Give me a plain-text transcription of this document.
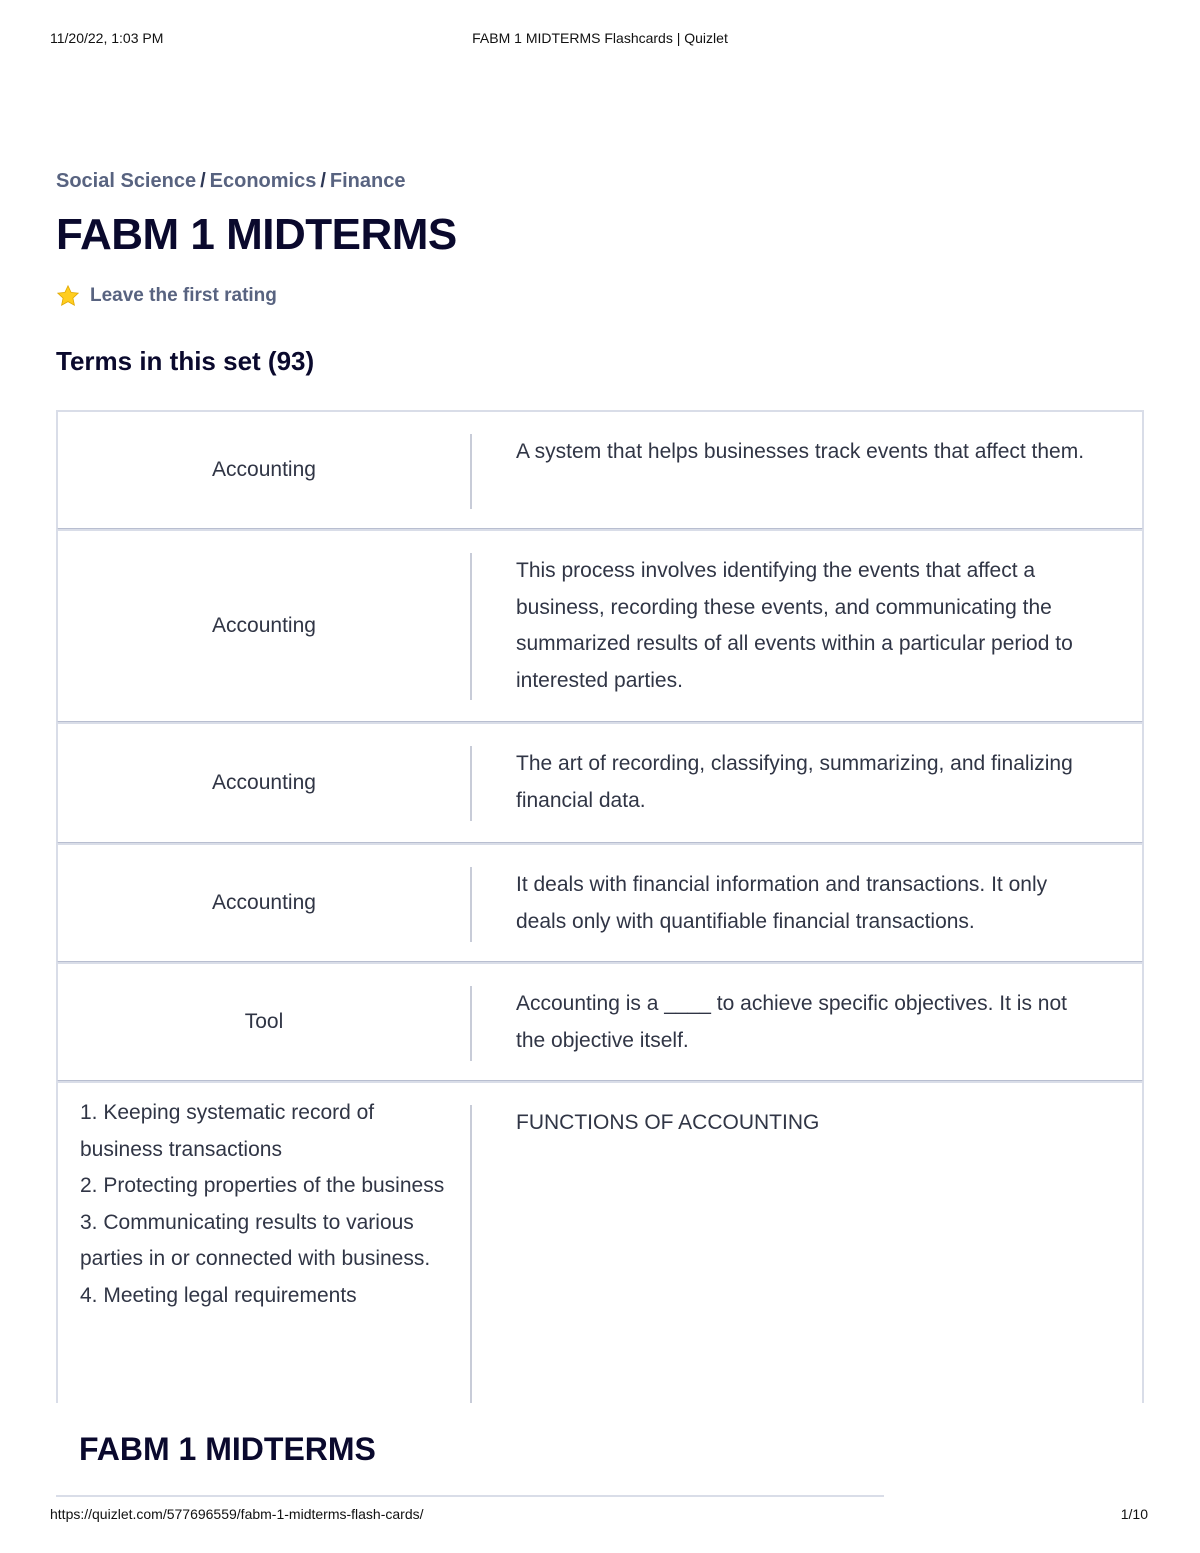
11/20/22, 1:03 PM	FABM 1 MIDTERMS Flashcards | Quizlet
Social Science / Economics / Finance
FABM 1 MIDTERMS
Leave the first rating
Terms in this set (93)
Accounting
A system that helps businesses track events that affect them.
Accounting
This process involves identifying the events that affect a business, recording these events, and communicating the summarized results of all events within a particular period to interested parties.
Accounting
The art of recording, classifying, summarizing, and finalizing financial data.
Accounting
It deals with financial information and transactions. It only deals only with quantifiable financial transactions.
Tool
Accounting is a ____ to achieve specific objectives. It is not the objective itself.
1. Keeping systematic record of business transactions
2. Protecting properties of the business
3. Communicating results to various parties in or connected with business.
4. Meeting legal requirements
FUNCTIONS OF ACCOUNTING
FABM 1 MIDTERMS
https://quizlet.com/577696559/fabm-1-midterms-flash-cards/	1/10
